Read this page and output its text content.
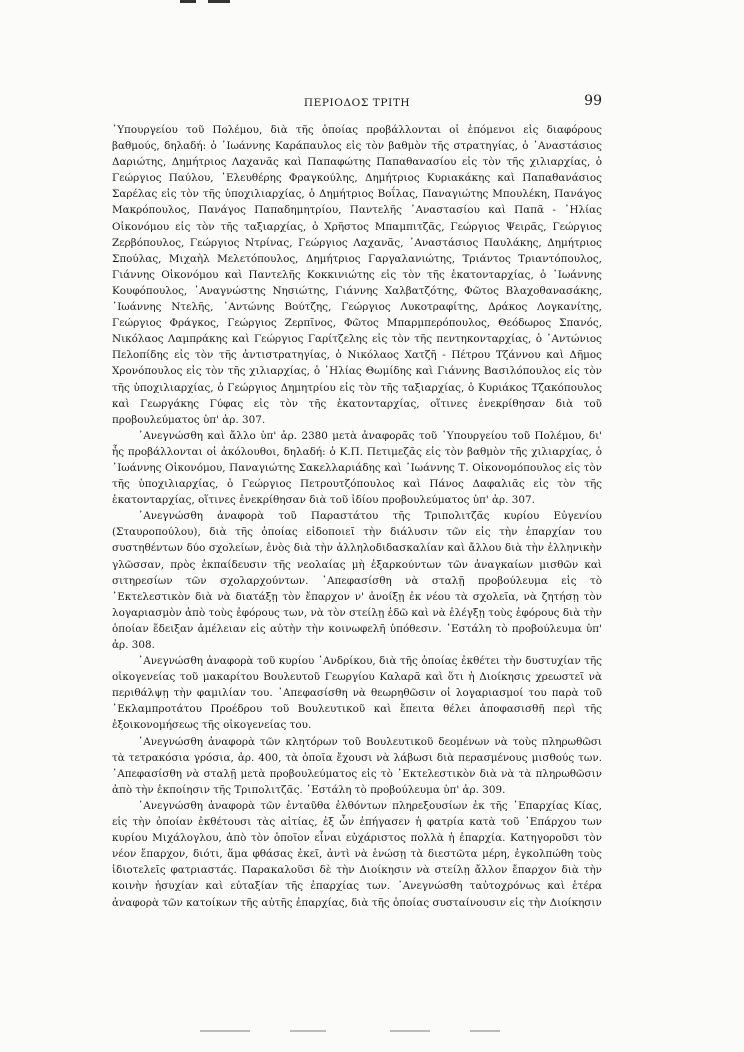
ΠΕΡΙΟΔΟΣ ΤΡΙΤΗ	99

῾Υπουργείου τοῦ Πολέμου, διὰ τῆς ὁποίας προβάλλονται οἱ ἑπόμενοι εἰς διαφόρους βαθμούς, δηλαδή: ὁ ᾿Ιωάννης Καράπαυλος εἰς τὸν βαθμὸν τῆς στρατηγίας, ὁ ᾿Αναστάσιος Δαριώτης, Δημήτριος Λαχανᾶς καὶ Παπαφώτης Παπαθανασίου εἰς τὸν τῆς χιλιαρχίας, ὁ Γεώργιος Παύλου, ᾿Ελευθέρης Φραγκούλης, Δημήτριος Κυριακάκης καὶ Παπαθανάσιος Σαρέλας εἰς τὸν τῆς ὑποχιλιαρχίας, ὁ Δημήτριος Βοΐλας, Παναγιώτης Μπουλέκη, Πανάγος Μακρόπουλος, Πανάγος Παπαδημητρίου, Παντελῆς ᾿Αναστασίου καὶ Παπᾶ - ᾿Ηλίας Οἰκονόμου εἰς τὸν τῆς ταξιαρχίας, ὁ Χρῆστος Μπαμπιτζᾶς, Γεώργιος Ψειρᾶς, Γεώργιος Ζερβόπουλος, Γεώργιος Ντρίνας, Γεώργιος Λαχανᾶς, ᾿Αναστάσιος Παυλάκης, Δημήτριος Σπούλας, Μιχαὴλ Μελετόπουλος, Δημήτριος Γαργαλανιώτης, Τριάντος Τριαντόπουλος, Γιάννης Οἰκονόμου καὶ Παντελῆς Κοκκινιώτης εἰς τὸν τῆς ἑκατονταρχίας, ὁ ᾿Ιωάννης Κουφόπουλος, ᾿Αναγνώστης Νησιώτης, Γιάννης Χαλβατζότης, Φῶτος Βλαχοθανασάκης, ᾿Ιωάννης Ντελῆς, ᾿Αντώνης Βούτζης, Γεώργιος Λυκοτραφίτης, Δράκος Λογκανίτης, Γεώργιος Φράγκος, Γεώργιος Ζερπῖνος, Φῶτος Μπαρμπερόπουλος, Θεόδωρος Σπανός, Νικόλαος Λαμπράκης καὶ Γεώργιος Γαρίτζελης εἰς τὸν τῆς πεντηκονταρχίας, ὁ ᾿Αντώνιος Πελοπίδης εἰς τὸν τῆς ἀντιστρατηγίας, ὁ Νικόλαος Χατζῆ - Πέτρου Τζάννου καὶ Δῆμος Χρονόπουλος εἰς τὸν τῆς χιλιαρχίας, ὁ ᾿Ηλίας Θωμίδης καὶ Γιάννης Βασιλόπουλος εἰς τὸν τῆς ὑποχιλιαρχίας, ὁ Γεώργιος Δημητρίου εἰς τὸν τῆς ταξιαρχίας, ὁ Κυριάκος Τζακόπουλος καὶ Γεωργάκης Γύφας εἰς τὸν τῆς ἑκατονταρχίας, οἵτινες ἐνεκρίθησαν διὰ τοῦ προβουλεύματος ὑπ' ἀρ. 307.

᾿Ανεγνώσθη καὶ ἄλλο ὑπ' ἀρ. 2380 μετὰ ἀναφορᾶς τοῦ ῾Υπουργείου τοῦ Πολέμου, δι' ἧς προβάλλονται οἱ ἀκόλουθοι, δηλαδή: ὁ Κ.Π. Πετιμεζᾶς εἰς τὸν βαθμὸν τῆς χιλιαρχίας, ὁ ᾿Ιωάννης Οἰκονόμου, Παναγιώτης Σακελλαριάδης καὶ ᾿Ιωάννης Τ. Οἰκονομόπουλος εἰς τὸν τῆς ὑποχιλιαρχίας, ὁ Γεώργιος Πετρουτζόπουλος καὶ Πάνος Δαφαλιᾶς εἰς τὸν τῆς ἑκατονταρχίας, οἵτινες ἐνεκρίθησαν διὰ τοῦ ἰδίου προβουλεύματος ὑπ' ἀρ. 307.

᾿Ανεγνώσθη ἀναφορὰ τοῦ Παραστάτου τῆς Τριπολιτζᾶς κυρίου Εὐγενίου (Σταυροπούλου), διὰ τῆς ὁποίας εἰδοποιεῖ τὴν διάλυσιν τῶν εἰς τὴν ἐπαρχίαν του συστηθέντων δύο σχολείων, ἑνὸς διὰ τὴν ἀλληλοδιδασκαλίαν καὶ ἄλλου διὰ τὴν ἑλληνικὴν γλῶσσαν, πρὸς ἐκπαίδευσιν τῆς νεολαίας μὴ ἐξαρκούντων τῶν ἀναγκαίων μισθῶν καὶ σιτηρεσίων τῶν σχολαρχούντων. ᾿Απεφασίσθη νὰ σταλῇ προβούλευμα εἰς τὸ ᾿Εκτελεστικὸν διὰ νὰ διατάξῃ τὸν ἔπαρχον ν' ἀνοίξῃ ἐκ νέου τὰ σχολεῖα, νὰ ζητήσῃ τὸν λογαριασμὸν ἀπὸ τοὺς ἐφόρους των, νὰ τὸν στείλῃ ἐδῶ καὶ νὰ ἐλέγξῃ τοὺς ἐφόρους διὰ τὴν ὁποίαν ἔδειξαν ἀμέλειαν εἰς αὐτὴν τὴν κοινωφελῆ ὑπόθεσιν. ᾿Εστάλη τὸ προβούλευμα ὑπ' ἀρ. 308.

᾿Ανεγνώσθη ἀναφορὰ τοῦ κυρίου ᾿Ανδρίκου, διὰ τῆς ὁποίας ἐκθέτει τὴν δυστυχίαν τῆς οἰκογενείας τοῦ μακαρίτου Βουλευτοῦ Γεωργίου Καλαρᾶ καὶ ὅτι ἡ Διοίκησις χρεωστεῖ νὰ περιθάλψῃ τὴν φαμιλίαν του. ᾿Απεφασίσθη νὰ θεωρηθῶσιν οἱ λογαριασμοί του παρὰ τοῦ ᾿Εκλαμπροτάτου Προέδρου τοῦ Βουλευτικοῦ καὶ ἔπειτα θέλει ἀποφασισθῆ περὶ τῆς ἐξοικονομήσεως τῆς οἰκογενείας του.

᾿Ανεγνώσθη ἀναφορὰ τῶν κλητόρων τοῦ Βουλευτικοῦ δεομένων νὰ τοὺς πληρωθῶσι τὰ τετρακόσια γρόσια, ἀρ. 400, τὰ ὁποῖα ἔχουσι νὰ λάβωσι διὰ περασμένους μισθούς των. ᾿Απεφασίσθη νὰ σταλῇ μετὰ προβουλεύματος εἰς τὸ ᾿Εκτελεστικὸν διὰ νὰ τὰ πληρωθῶσιν ἀπὸ τὴν ἐκποίησιν τῆς Τριπολιτζᾶς. ᾿Εστάλη τὸ προβούλευμα ὑπ' ἀρ. 309.

᾿Ανεγνώσθη ἀναφορὰ τῶν ἐνταῦθα ἐλθόντων πληρεξουσίων ἐκ τῆς ᾿Επαρχίας Κίας, εἰς τὴν ὁποίαν ἐκθέτουσι τὰς αἰτίας, ἐξ ὧν ἐπήγασεν ἡ φατρία κατὰ τοῦ ᾿Επάρχου των κυρίου Μιχάλογλου, ἀπὸ τὸν ὁποῖον εἶναι εὐχάριστος πολλὰ ἡ ἐπαρχία. Κατηγοροῦσι τὸν νέον ἔπαρχον, διότι, ἅμα φθάσας ἐκεῖ, ἀντὶ νὰ ἑνώσῃ τὰ διεστῶτα μέρη, ἐγκολπώθη τοὺς ἰδιοτελεῖς φατριαστάς. Παρακαλοῦσι δὲ τὴν Διοίκησιν νὰ στείλῃ ἄλλον ἔπαρχον διὰ τὴν κοινὴν ἡσυχίαν καὶ εὐταξίαν τῆς ἐπαρχίας των. ᾿Ανεγνώσθη ταὐτοχρόνως καὶ ἑτέρα ἀναφορὰ τῶν κατοίκων τῆς αὐτῆς ἐπαρχίας, διὰ τῆς ὁποίας συσταίνουσιν εἰς τὴν Διοίκησιν
